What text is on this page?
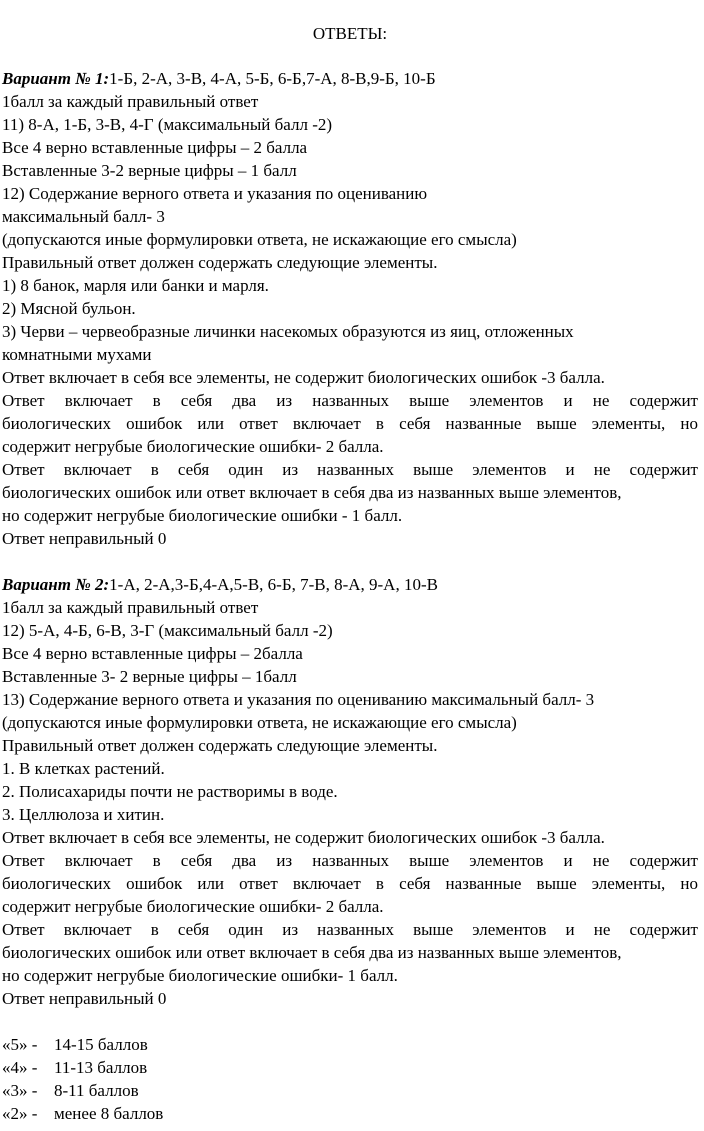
ОТВЕТЫ:
Вариант № 1:1-Б, 2-А, 3-В, 4-А, 5-Б, 6-Б,7-А, 8-В,9-Б, 10-Б
1балл за каждый правильный ответ
11) 8-А, 1-Б, 3-В, 4-Г (максимальный балл -2)
Все 4 верно вставленные цифры – 2 балла
Вставленные 3-2 верные цифры – 1 балл
12) Содержание верного ответа и указания по оцениванию
максимальный балл- 3
(допускаются иные формулировки ответа, не искажающие его смысла)
Правильный ответ должен содержать следующие элементы.
1) 8 банок, марля или банки и марля.
2) Мясной бульон.
3) Черви – червеобразные личинки насекомых образуются из яиц, отложенных
комнатными мухами
Ответ включает в себя все элементы, не содержит биологических ошибок -3 балла.
Ответ включает в себя два из названных выше элементов и не содержит
биологических ошибок или ответ включает в себя названные выше элементы, но
содержит негрубые биологические ошибки- 2 балла.
Ответ включает в себя один из названных выше элементов и не содержит
биологических ошибок или ответ включает в себя два из названных выше элементов,
но содержит негрубые биологические ошибки - 1 балл.
Ответ неправильный 0
Вариант № 2:1-А, 2-А,3-Б,4-А,5-В, 6-Б, 7-В, 8-А, 9-А, 10-В
1балл за каждый правильный ответ
12) 5-А, 4-Б, 6-В, 3-Г (максимальный балл -2)
Все 4 верно вставленные цифры – 2балла
Вставленные 3- 2 верные цифры – 1балл
13) Содержание верного ответа и указания по оцениванию максимальный балл- 3
(допускаются иные формулировки ответа, не искажающие его смысла)
Правильный ответ должен содержать следующие элементы.
1. В клетках растений.
2. Полисахариды почти не растворимы в воде.
3. Целлюлоза и хитин.
Ответ включает в себя все элементы, не содержит биологических ошибок -3 балла.
Ответ включает в себя два из названных выше элементов и не содержит
биологических ошибок или ответ включает в себя названные выше элементы, но
содержит негрубые биологические ошибки- 2 балла.
Ответ включает в себя один из названных выше элементов и не содержит
биологических ошибок или ответ включает в себя два из названных выше элементов,
но содержит негрубые биологические ошибки- 1 балл.
Ответ неправильный 0
«5» - 14-15 баллов
«4» - 11-13 баллов
«3» - 8-11 баллов
«2» - менее 8 баллов
